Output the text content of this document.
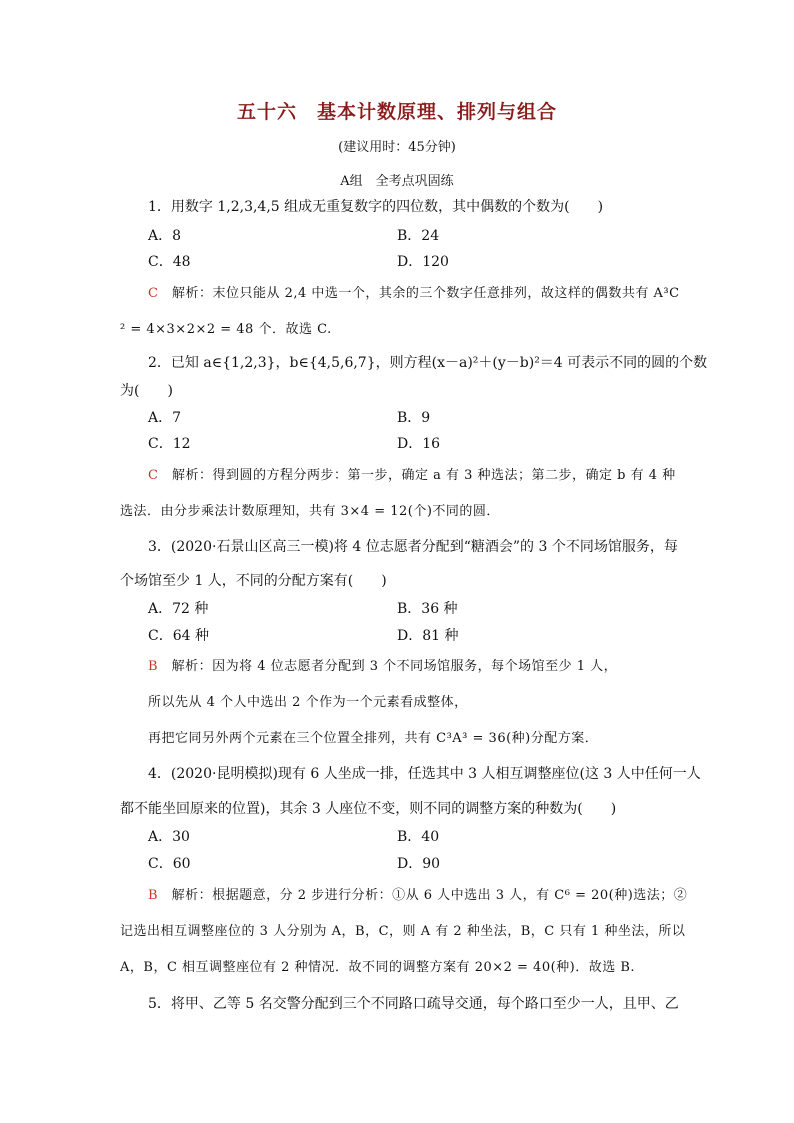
五十六　基本计数原理、排列与组合
(建议用时：45分钟)
A组　全考点巩固练
1．用数字 1,2,3,4,5 组成无重复数字的四位数，其中偶数的个数为(　　)
A．8	B．24
C．48	D．120
C　解析：末位只能从 2,4 中选一个，其余的三个数字任意排列，故这样的偶数共有 A³C
² = 4×3×2×2 = 48 个．故选 C.
2．已知 a∈{1,2,3}，b∈{4,5,6,7}，则方程(x－a)²＋(y－b)²＝4 可表示不同的圆的个数
为(　　)
A．7	B．9
C．12	D．16
C　解析：得到圆的方程分两步：第一步，确定 a 有 3 种选法；第二步，确定 b 有 4 种
选法．由分步乘法计数原理知，共有 3×4 = 12(个)不同的圆．
3．(2020·石景山区高三一模)将 4 位志愿者分配到“糖酒会”的 3 个不同场馆服务，每
个场馆至少 1 人，不同的分配方案有(　　)
A．72 种	B．36 种
C．64 种	D．81 种
B　解析：因为将 4 位志愿者分配到 3 个不同场馆服务，每个场馆至少 1 人，
所以先从 4 个人中选出 2 个作为一个元素看成整体，
再把它同另外两个元素在三个位置全排列，共有 C³A³ = 36(种)分配方案．
4．(2020·昆明模拟)现有 6 人坐成一排，任选其中 3 人相互调整座位(这 3 人中任何一人
都不能坐回原来的位置)，其余 3 人座位不变，则不同的调整方案的种数为(　　)
A．30	B．40
C．60	D．90
B　解析：根据题意，分 2 步进行分析：①从 6 人中选出 3 人，有 C⁶ = 20(种)选法；②
记选出相互调整座位的 3 人分别为 A，B，C，则 A 有 2 种坐法，B，C 只有 1 种坐法，所以
A，B，C 相互调整座位有 2 种情况．故不同的调整方案有 20×2 = 40(种)．故选 B.
5．将甲、乙等 5 名交警分配到三个不同路口疏导交通，每个路口至少一人，且甲、乙
